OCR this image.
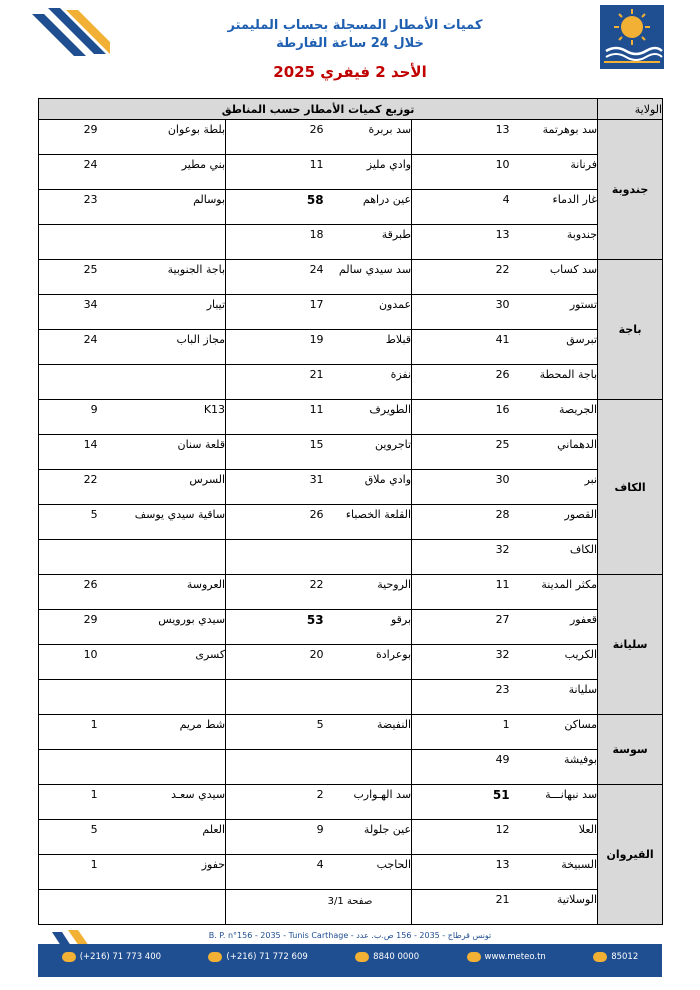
كميات الأمطار المسجلة بحساب المليمتر
خلال 24 ساعة الفارطة
الأحد 2 فيفري 2025
الولاية	توزيع كميات الأمطار حسب المناطق					
جندوبة	سد بوهرتمة	13	سد بربرة	26	بلطة بوعوان	29
	فرنانة	10	وادي مليز	11	بني مطير	24
	غار الدماء	4	عين دراهم	58	بوسالم	23
	جندوبة	13	طبرقة	18		
باجة	سد كساب	22	سد سيدي سالم	24	باجة الجنوبية	25
	تستور	30	عمدون	17	تيبار	34
	تبرسق	41	قبلاط	19	مجاز الباب	24
	باجة المحطة	26	نفزة	21		
الكاف	الجريصة	16	الطويرف	11	K13	9
	الدهماني	25	تاجروين	15	قلعة سنان	14
	نبر	30	وادي ملاق	31	السرس	22
	القصور	28	القلعة الخصباء	26	ساقية سيدي يوسف	5
	الكاف	32				
سليانة	مكثر المدينة	11	الروحية	22	العروسة	26
	قعفور	27	برقو	53	سيدي بورويس	29
	الكريب	32	بوعرادة	20	كسرى	10
	سليانة	23				
سوسة	مساكن	1	النفيضة	5	شط مريم	1
	بوفيشة	49				
القيروان	سد نبهانـــة	51	سد الهـوارب	2	سيدي سعـد	1
	العلا	12	عين جلولة	9	العلم	5
	السبيخة	13	الحاجب	4	حفوز	1
	الوسلاتية	21				
صفحة 3/1
B. P. n°156 - 2035 - Tunis Carthage - تونس قرطاج - 2035 - 156 ص.ب. عدد
(+216) 71 773 400	(+216) 71 772 609	8840 0000	www.meteo.tn	85012
